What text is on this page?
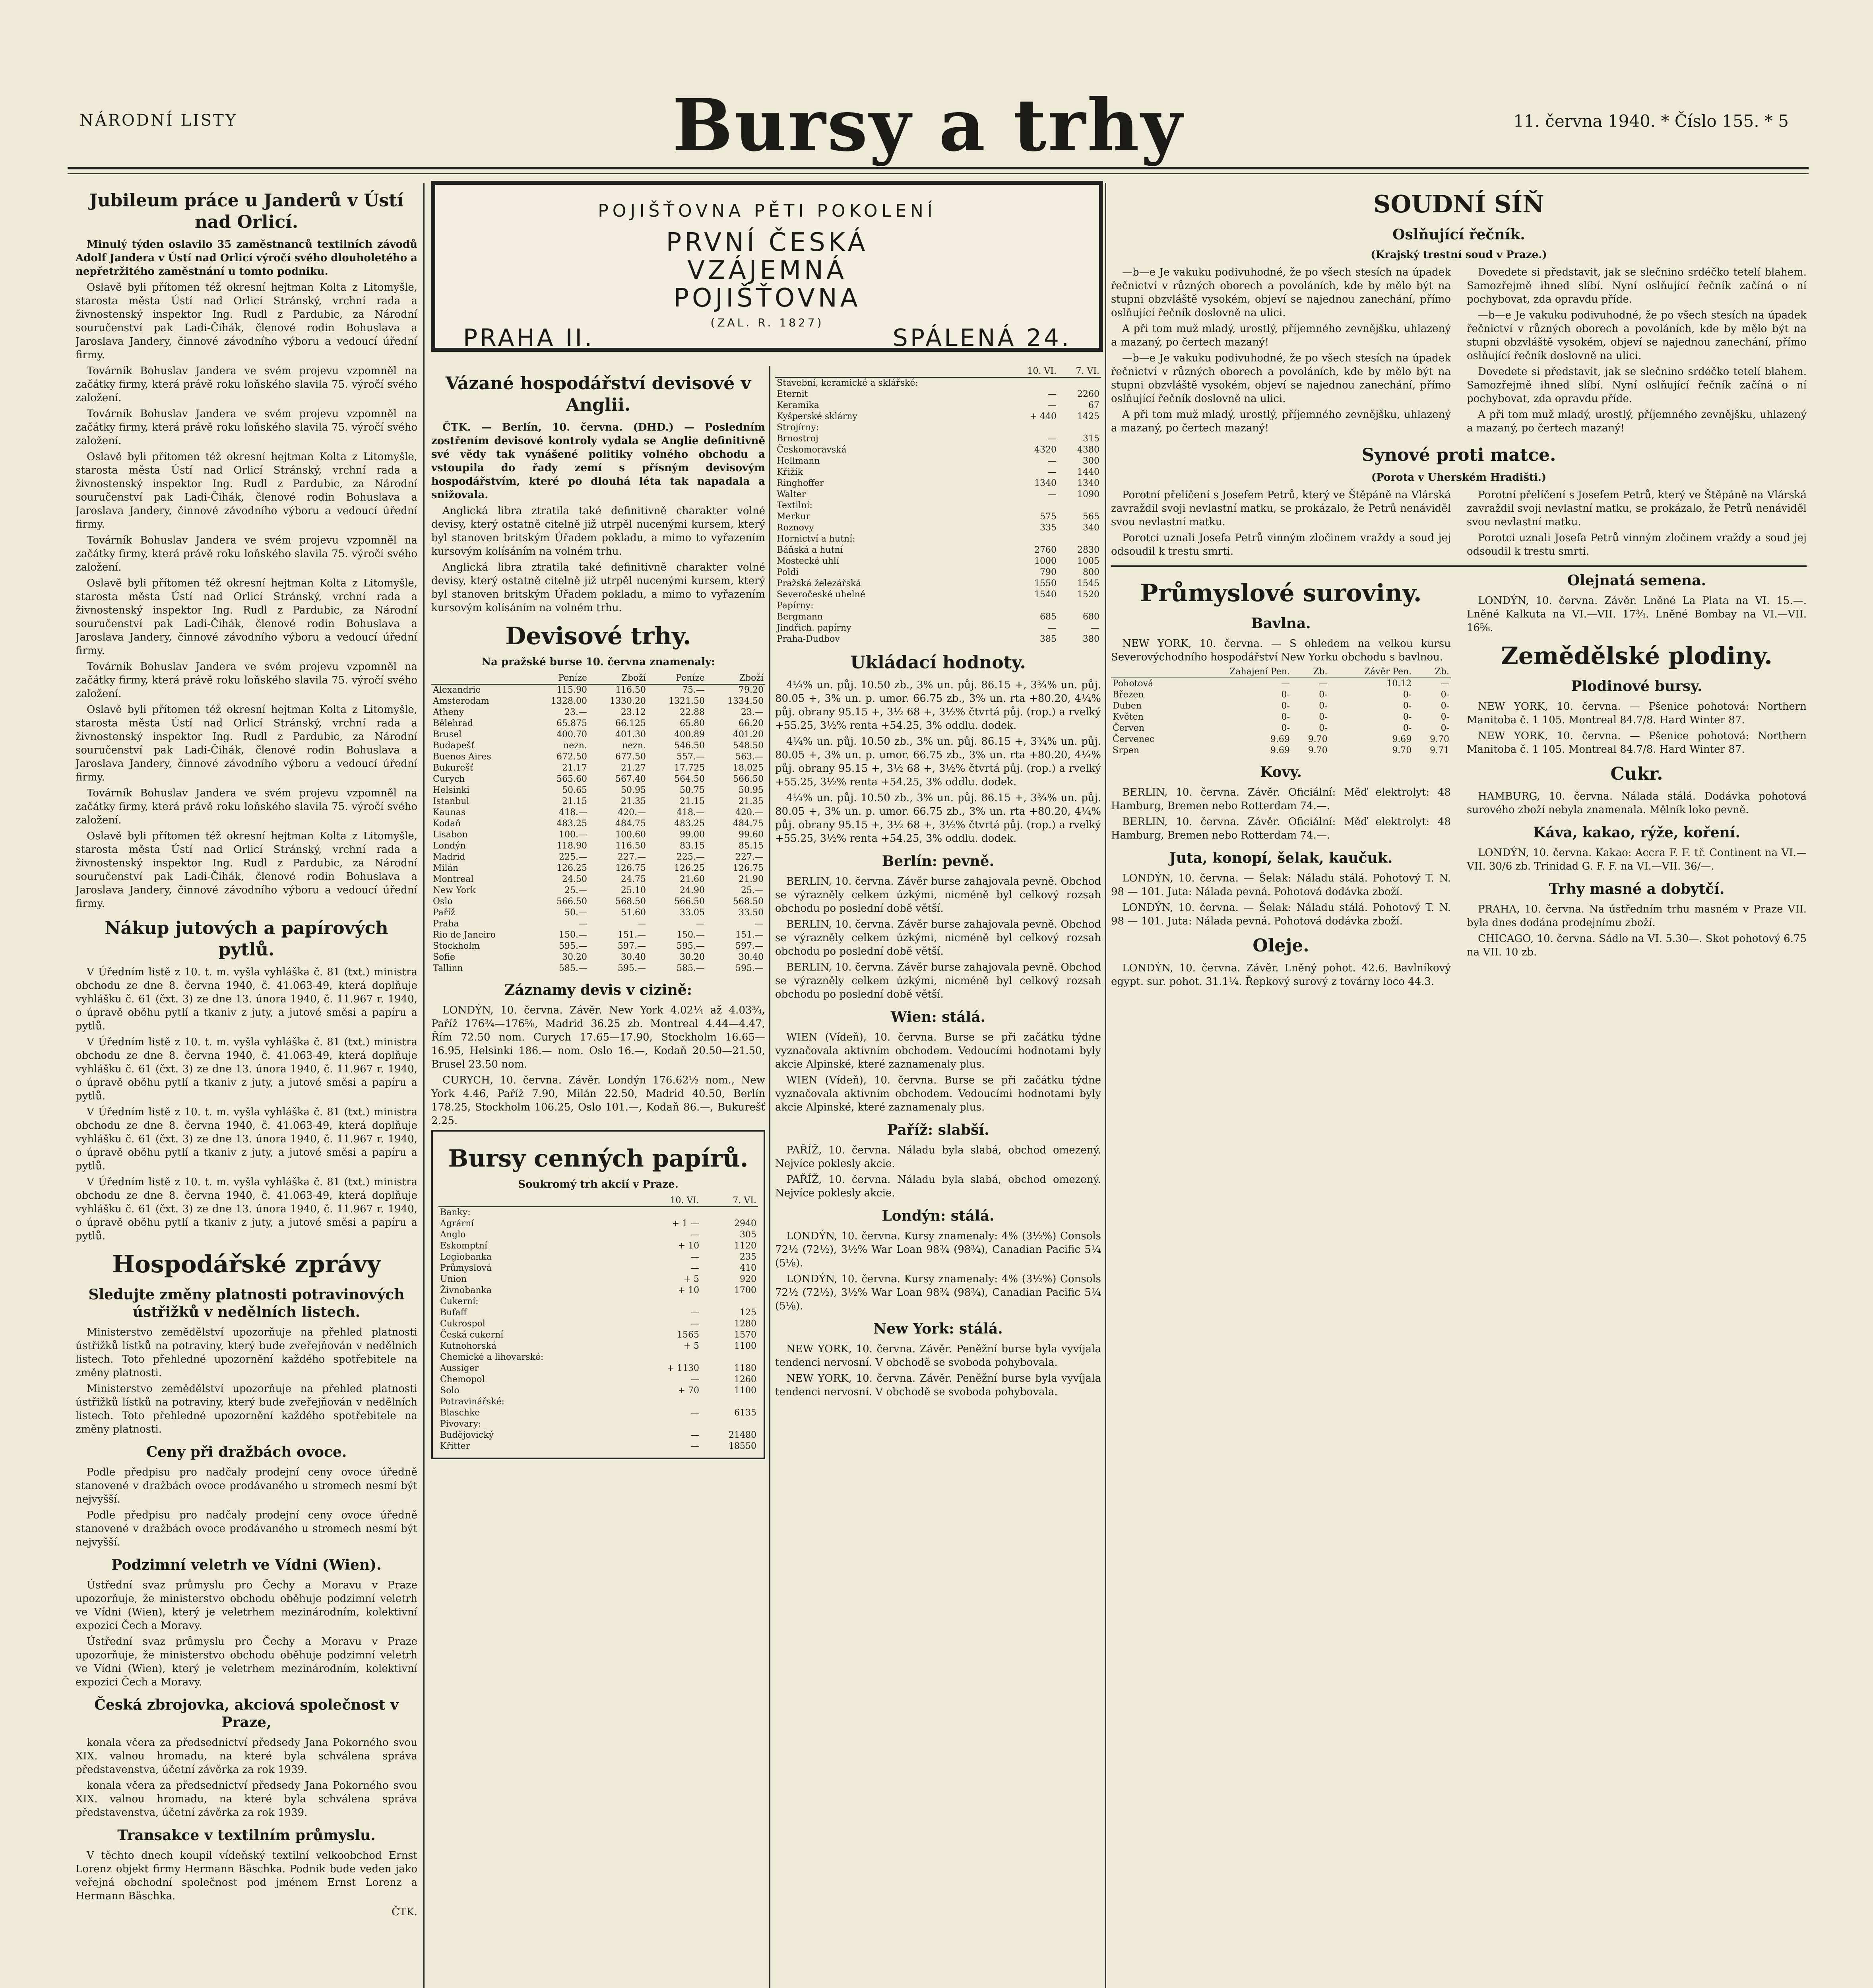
NÁRODNÍ LISTY	Bursy a trhy	11. června 1940. * Číslo 155. * 5
Jubileum práce u Janderů v Ústí nad Orlicí.

Minulý týden oslavilo 35 zaměstnanců textilních závodů Adolf Jandera v Ústí nad Orlicí výročí svého dlouholetého a nepřetržitého zaměstnání u tomto podniku.

Oslavě byli přítomen též okresní hejtman Kolta z Litomyšle, starosta města Ústí nad Orlicí Stránský, vrchní rada a živnostenský inspektor Ing. Rudl z Pardubic, za Národní souručenství pak Ladi-Čihák, členové rodin Bohuslava a Jaroslava Jandery, činnové závodního výboru a vedoucí úřední firmy.

Továrník Bohuslav Jandera ve svém projevu vzpomněl na začátky firmy, která právě roku loňského slavila 75. výročí svého založení.

Továrník Bohuslav Jandera ve svém projevu vzpomněl na začátky firmy, která právě roku loňského slavila 75. výročí svého založení.

Oslavě byli přítomen též okresní hejtman Kolta z Litomyšle, starosta města Ústí nad Orlicí Stránský, vrchní rada a živnostenský inspektor Ing. Rudl z Pardubic, za Národní souručenství pak Ladi-Čihák, členové rodin Bohuslava a Jaroslava Jandery, činnové závodního výboru a vedoucí úřední firmy.

Továrník Bohuslav Jandera ve svém projevu vzpomněl na začátky firmy, která právě roku loňského slavila 75. výročí svého založení.

Oslavě byli přítomen též okresní hejtman Kolta z Litomyšle, starosta města Ústí nad Orlicí Stránský, vrchní rada a živnostenský inspektor Ing. Rudl z Pardubic, za Národní souručenství pak Ladi-Čihák, členové rodin Bohuslava a Jaroslava Jandery, činnové závodního výboru a vedoucí úřední firmy.

Továrník Bohuslav Jandera ve svém projevu vzpomněl na začátky firmy, která právě roku loňského slavila 75. výročí svého založení.

Oslavě byli přítomen též okresní hejtman Kolta z Litomyšle, starosta města Ústí nad Orlicí Stránský, vrchní rada a živnostenský inspektor Ing. Rudl z Pardubic, za Národní souručenství pak Ladi-Čihák, členové rodin Bohuslava a Jaroslava Jandery, činnové závodního výboru a vedoucí úřední firmy.

Továrník Bohuslav Jandera ve svém projevu vzpomněl na začátky firmy, která právě roku loňského slavila 75. výročí svého založení.

Oslavě byli přítomen též okresní hejtman Kolta z Litomyšle, starosta města Ústí nad Orlicí Stránský, vrchní rada a živnostenský inspektor Ing. Rudl z Pardubic, za Národní souručenství pak Ladi-Čihák, členové rodin Bohuslava a Jaroslava Jandery, činnové závodního výboru a vedoucí úřední firmy.

Nákup jutových a papírových pytlů.

V Úředním listě z 10. t. m. vyšla vyhláška č. 81 (txt.) ministra obchodu ze dne 8. června 1940, č. 41.063-49, která doplňuje vyhlášku č. 61 (čxt. 3) ze dne 13. února 1940, č. 11.967 r. 1940, o úpravě oběhu pytlí a tkaniv z juty, a jutové směsi a papíru a pytlů.

V Úředním listě z 10. t. m. vyšla vyhláška č. 81 (txt.) ministra obchodu ze dne 8. června 1940, č. 41.063-49, která doplňuje vyhlášku č. 61 (čxt. 3) ze dne 13. února 1940, č. 11.967 r. 1940, o úpravě oběhu pytlí a tkaniv z juty, a jutové směsi a papíru a pytlů.

V Úředním listě z 10. t. m. vyšla vyhláška č. 81 (txt.) ministra obchodu ze dne 8. června 1940, č. 41.063-49, která doplňuje vyhlášku č. 61 (čxt. 3) ze dne 13. února 1940, č. 11.967 r. 1940, o úpravě oběhu pytlí a tkaniv z juty, a jutové směsi a papíru a pytlů.

V Úředním listě z 10. t. m. vyšla vyhláška č. 81 (txt.) ministra obchodu ze dne 8. června 1940, č. 41.063-49, která doplňuje vyhlášku č. 61 (čxt. 3) ze dne 13. února 1940, č. 11.967 r. 1940, o úpravě oběhu pytlí a tkaniv z juty, a jutové směsi a papíru a pytlů.

Hospodářské zprávy
Sledujte změny platnosti potravinových ústřižků v nedělních listech.

Ministerstvo zemědělství upozorňuje na přehled platnosti ústřižků lístků na potraviny, který bude zveřejňován v nedělních listech. Toto přehledné upozornění každého spotřebitele na změny platnosti.

Ministerstvo zemědělství upozorňuje na přehled platnosti ústřižků lístků na potraviny, který bude zveřejňován v nedělních listech. Toto přehledné upozornění každého spotřebitele na změny platnosti.

Ceny při dražbách ovoce.

Podle předpisu pro nadčaly prodejní ceny ovoce úředně stanovené v dražbách ovoce prodávaného u stromech nesmí být nejvyšší.

Podle předpisu pro nadčaly prodejní ceny ovoce úředně stanovené v dražbách ovoce prodávaného u stromech nesmí být nejvyšší.

Podzimní veletrh ve Vídni (Wien).

Ústřední svaz průmyslu pro Čechy a Moravu v Praze upozorňuje, že ministerstvo obchodu oběhuje podzimní veletrh ve Vídni (Wien), který je veletrhem mezinárodním, kolektivní expozici Čech a Moravy.

Ústřední svaz průmyslu pro Čechy a Moravu v Praze upozorňuje, že ministerstvo obchodu oběhuje podzimní veletrh ve Vídni (Wien), který je veletrhem mezinárodním, kolektivní expozici Čech a Moravy.

Česká zbrojovka, akciová společnost v Praze,

konala včera za předsednictví předsedy Jana Pokorného svou XIX. valnou hromadu, na které byla schválena správa představenstva, účetní závěrka za rok 1939.

konala včera za předsednictví předsedy Jana Pokorného svou XIX. valnou hromadu, na které byla schválena správa představenstva, účetní závěrka za rok 1939.

Transakce v textilním průmyslu.

V těchto dnech koupil vídeňský textilní velkoobchod Ernst Lorenz objekt firmy Hermann Bäschka. Podnik bude veden jako veřejná obchodní společnost pod jménem Ernst Lorenz a Hermann Bäschka.

ČTK.

POJIŠŤOVNA PĚTI POKOLENÍ
PRVNÍ ČESKÁ
VZÁJEMNÁ
POJIŠŤOVNA
(ZAL. R. 1827)
PRAHA II.	SPÁLENÁ 24.
Vázané hospodářství devisové v Anglii.

ČTK. — Berlín, 10. června. (DHD.) — Posledním zostřením devisové kontroly vydala se Anglie definitivně své vědy tak vynášené politiky volného obchodu a vstoupila do řady zemí s přísným devisovým hospodářstvím, které po dlouhá léta tak napadala a snižovala.

Anglická libra ztratila také definitivně charakter volné devisy, který ostatně citelně již utrpěl nucenými kursem, který byl stanoven britským Úřadem pokladu, a mimo to vyřazením kursovým kolísáním na volném trhu.

Anglická libra ztratila také definitivně charakter volné devisy, který ostatně citelně již utrpěl nucenými kursem, který byl stanoven britským Úřadem pokladu, a mimo to vyřazením kursovým kolísáním na volném trhu.

Devisové trhy.
Na pražské burse 10. června znamenaly:
	Peníze	Zboží	Peníze	Zboží
Alexandrie	115.90	116.50	75.—	79.20
Amsterodam	1328.00	1330.20	1321.50	1334.50
Atheny	23.—	23.12	22.88	23.—
Bělehrad	65.875	66.125	65.80	66.20
Brusel	400.70	401.30	400.89	401.20
Budapešť	nezn.	nezn.	546.50	548.50
Buenos Aires	672.50	677.50	557.—	563.—
Bukurešť	21.17	21.27	17.725	18.025
Curych	565.60	567.40	564.50	566.50
Helsinki	50.65	50.95	50.75	50.95
Istanbul	21.15	21.35	21.15	21.35
Kaunas	418.—	420.—	418.—	420.—
Kodaň	483.25	484.75	483.25	484.75
Lisabon	100.—	100.60	99.00	99.60
Londýn	118.90	116.50	83.15	85.15
Madrid	225.—	227.—	225.—	227.—
Milán	126.25	126.75	126.25	126.75
Montreal	24.50	24.75	21.60	21.90
New York	25.—	25.10	24.90	25.—
Oslo	566.50	568.50	566.50	568.50
Paříž	50.—	51.60	33.05	33.50
Praha	—	—	—	—
Rio de Janeiro	150.—	151.—	150.—	151.—
Stockholm	595.—	597.—	595.—	597.—
Sofie	30.20	30.40	30.20	30.40
Tallinn	585.—	595.—	585.—	595.—
Záznamy devis v cizině:

LONDÝN, 10. června. Závěr. New York 4.02¼ až 4.03¾, Paříž 176¾—176⅝, Madrid 36.25 zb. Montreal 4.44—4.47, Řím 72.50 nom. Curych 17.65—17.90, Stockholm 16.65—16.95, Helsinki 186.— nom. Oslo 16.—, Kodaň 20.50—21.50, Brusel 23.50 nom.

CURYCH, 10. června. Závěr. Londýn 176.62½ nom., New York 4.46, Paříž 7.90, Milán 22.50, Madrid 40.50, Berlín 178.25, Stockholm 106.25, Oslo 101.—, Kodaň 86.—, Bukurešť 2.25.

Bursy cenných papírů.
Soukromý trh akcií v Praze.
	10. VI.	7. VI.
Banky:		
Agrární	+ 1 —	2940
Anglo	—	305
Eskomptní	+ 10	1120
Legiobanka	—	235
Průmyslová	—	410
Union	+ 5	920
Živnobanka	+ 10	1700
Cukerní:		
Bufaff	—	125
Cukrospol	—	1280
Česká cukerní	1565	1570
Kutnohorská	+ 5	1100
Chemické a lihovarské:		
Aussiger	+ 1130	1180
Chemopol	—	1260
Solo	+ 70	1100
Potravinářské:		
Blaschke	—	6135
Pivovary:		
Budějovický	—	21480
Křitter	—	18550
	10. VI.	7. VI.
Stavební, keramické a sklářské:		
Eternit	—	2260
Keramika	—	67
Kyšperské sklárny	+ 440	1425
Strojírny:		
Brnostroj	—	315
Českomoravská	4320	4380
Hellmann	—	300
Křižík	—	1440
Ringhoffer	1340	1340
Walter	—	1090
Textilní:		
Merkur	575	565
Roznovy	335	340
Hornictví a hutní:		
Báňská a hutní	2760	2830
Mostecké uhlí	1000	1005
Poldi	790	800
Pražská železářská	1550	1545
Severočeské uhelné	1540	1520
Papírny:		
Bergmann	685	680
Jindřich. papírny	—	—
Praha-Dudbov	385	380
Ukládací hodnoty.

4¼% un. půj. 10.50 zb., 3% un. půj. 86.15 +, 3¾% un. půj. 80.05 +, 3% un. p. umor. 66.75 zb., 3% un. rta +80.20, 4¼% půj. obrany 95.15 +, 3½ 68 +, 3½% čtvrtá půj. (rop.) a rvelký +55.25, 3½% renta +54.25, 3% oddlu. dodek.

4¼% un. půj. 10.50 zb., 3% un. půj. 86.15 +, 3¾% un. půj. 80.05 +, 3% un. p. umor. 66.75 zb., 3% un. rta +80.20, 4¼% půj. obrany 95.15 +, 3½ 68 +, 3½% čtvrtá půj. (rop.) a rvelký +55.25, 3½% renta +54.25, 3% oddlu. dodek.

4¼% un. půj. 10.50 zb., 3% un. půj. 86.15 +, 3¾% un. půj. 80.05 +, 3% un. p. umor. 66.75 zb., 3% un. rta +80.20, 4¼% půj. obrany 95.15 +, 3½ 68 +, 3½% čtvrtá půj. (rop.) a rvelký +55.25, 3½% renta +54.25, 3% oddlu. dodek.

Berlín: pevně.

BERLIN, 10. června. Závěr burse zahajovala pevně. Obchod se výrazněly celkem úzkými, nicméně byl celkový rozsah obchodu po poslední době větší.

BERLIN, 10. června. Závěr burse zahajovala pevně. Obchod se výrazněly celkem úzkými, nicméně byl celkový rozsah obchodu po poslední době větší.

BERLIN, 10. června. Závěr burse zahajovala pevně. Obchod se výrazněly celkem úzkými, nicméně byl celkový rozsah obchodu po poslední době větší.

Wien: stálá.

WIEN (Vídeň), 10. června. Burse se při začátku týdne vyznačovala aktivním obchodem. Vedoucími hodnotami byly akcie Alpinské, které zaznamenaly plus.

WIEN (Vídeň), 10. června. Burse se při začátku týdne vyznačovala aktivním obchodem. Vedoucími hodnotami byly akcie Alpinské, které zaznamenaly plus.

Paříž: slabší.

PAŘÍŽ, 10. června. Náladu byla slabá, obchod omezený. Nejvíce poklesly akcie.

PAŘÍŽ, 10. června. Náladu byla slabá, obchod omezený. Nejvíce poklesly akcie.

Londýn: stálá.

LONDÝN, 10. června. Kursy znamenaly: 4% (3½%) Consols 72½ (72½), 3½% War Loan 98¾ (98¾), Canadian Pacific 5¼ (5⅛).

LONDÝN, 10. června. Kursy znamenaly: 4% (3½%) Consols 72½ (72½), 3½% War Loan 98¾ (98¾), Canadian Pacific 5¼ (5⅛).

New York: stálá.

NEW YORK, 10. června. Závěr. Peněžní burse byla vyvíjala tendenci nervosní. V obchodě se svoboda pohybovala.

NEW YORK, 10. června. Závěr. Peněžní burse byla vyvíjala tendenci nervosní. V obchodě se svoboda pohybovala.

SOUDNÍ SÍŇ
Oslňující řečník.
(Krajský trestní soud v Praze.)

—b—e Je vakuku podivuhodné, že po všech stesích na úpadek řečnictví v různých oborech a povoláních, kde by mělo být na stupni obzvláště vysokém, objeví se najednou zanechání, přímo oslňující řečník doslovně na ulici.

A při tom muž mladý, urostlý, příjemného zevnějšku, uhlazený a mazaný, po čertech mazaný!

—b—e Je vakuku podivuhodné, že po všech stesích na úpadek řečnictví v různých oborech a povoláních, kde by mělo být na stupni obzvláště vysokém, objeví se najednou zanechání, přímo oslňující řečník doslovně na ulici.

A při tom muž mladý, urostlý, příjemného zevnějšku, uhlazený a mazaný, po čertech mazaný!

Dovedete si představit, jak se slečnino srdéčko tetelí blahem. Samozřejmě ihned slíbí. Nyní oslňující řečník začíná o ní pochybovat, zda opravdu příde.

—b—e Je vakuku podivuhodné, že po všech stesích na úpadek řečnictví v různých oborech a povoláních, kde by mělo být na stupni obzvláště vysokém, objeví se najednou zanechání, přímo oslňující řečník doslovně na ulici.

Dovedete si představit, jak se slečnino srdéčko tetelí blahem. Samozřejmě ihned slíbí. Nyní oslňující řečník začíná o ní pochybovat, zda opravdu příde.

A při tom muž mladý, urostlý, příjemného zevnějšku, uhlazený a mazaný, po čertech mazaný!

Synové proti matce.
(Porota v Uherském Hradišti.)

Porotní přelíčení s Josefem Petrů, který ve Štěpáně na Vlárská zavraždil svoji nevlastní matku, se prokázalo, že Petrů nenáviděl svou nevlastní matku.

Porotci uznali Josefa Petrů vinným zločinem vraždy a soud jej odsoudil k trestu smrti.

Porotní přelíčení s Josefem Petrů, který ve Štěpáně na Vlárská zavraždil svoji nevlastní matku, se prokázalo, že Petrů nenáviděl svou nevlastní matku.

Porotci uznali Josefa Petrů vinným zločinem vraždy a soud jej odsoudil k trestu smrti.

Průmyslové suroviny.
Bavlna.

NEW YORK, 10. června. — S ohledem na velkou kursu Severovýchodního hospodářství New Yorku obchodu s bavlnou.

	Zahajení Pen.	Zb.	Závěr Pen.	Zb.
Pohotová	—	—	10.12	—
Březen	0-	0-	0-	0-
Duben	0-	0-	0-	0-
Květen	0-	0-	0-	0-
Červen	0-	0-	0-	0-
Červenec	9.69	9.70	9.69	9.70
Srpen	9.69	9.70	9.70	9.71
Kovy.

BERLIN, 10. června. Závěr. Oficiální: Měď elektrolyt: 48 Hamburg, Bremen nebo Rotterdam 74.—.

BERLIN, 10. června. Závěr. Oficiální: Měď elektrolyt: 48 Hamburg, Bremen nebo Rotterdam 74.—.

Juta, konopí, šelak, kaučuk.

LONDÝN, 10. června. — Šelak: Náladu stálá. Pohotový T. N. 98 — 101. Juta: Nálada pevná. Pohotová dodávka zboží.

LONDÝN, 10. června. — Šelak: Náladu stálá. Pohotový T. N. 98 — 101. Juta: Nálada pevná. Pohotová dodávka zboží.

Oleje.

LONDÝN, 10. června. Závěr. Lněný pohot. 42.6. Bavlníkový egypt. sur. pohot. 31.1¼. Řepkový surový z továrny loco 44.3.

Olejnatá semena.

LONDÝN, 10. června. Závěr. Lněné La Plata na VI. 15.—. Lněné Kalkuta na VI.—VII. 17¾. Lněné Bombay na VI.—VII. 16⅝.

Zemědělské plodiny.
Plodinové bursy.

NEW YORK, 10. června. — Pšenice pohotová: Northern Manitoba č. 1 105. Montreal 84.7/8. Hard Winter 87.

NEW YORK, 10. června. — Pšenice pohotová: Northern Manitoba č. 1 105. Montreal 84.7/8. Hard Winter 87.

Cukr.

HAMBURG, 10. června. Nálada stálá. Dodávka pohotová surového zboží nebyla znamenala. Mělník loko pevně.

Káva, kakao, rýže, koření.

LONDÝN, 10. června. Kakao: Accra F. F. tř. Continent na VI.—VII. 30/6 zb. Trinidad G. F. F. na VI.—VII. 36/—.

Trhy masné a dobytčí.

PRAHA, 10. června. Na ústředním trhu masném v Praze VII. byla dnes dodána prodejnímu zboží.

CHICAGO, 10. června. Sádlo na VI. 5.30—. Skot pohotový 6.75 na VII. 10 zb.
